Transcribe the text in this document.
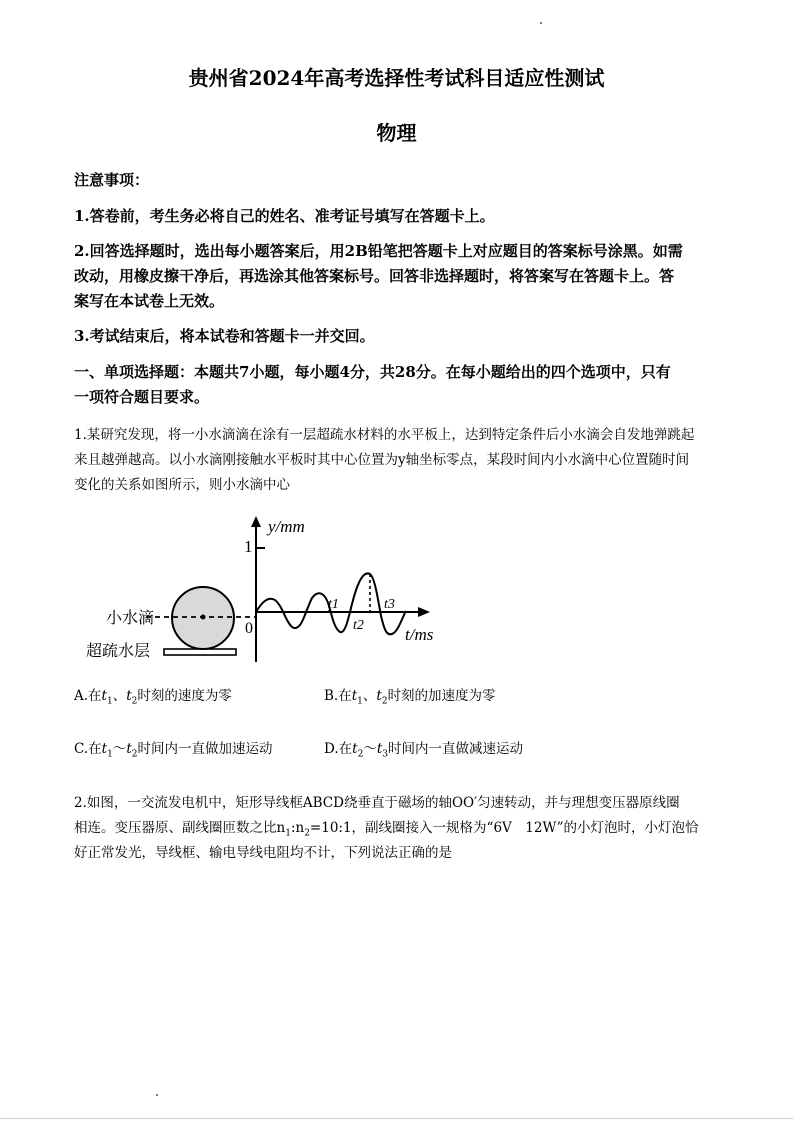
贵州省2024年高考选择性考试科目适应性测试
物理
注意事项：
1.答卷前，考生务必将自己的姓名、准考证号填写在答题卡上。
2.回答选择题时，选出每小题答案后，用2B铅笔把答题卡上对应题目的答案标号涂黑。如需
改动，用橡皮擦干净后，再选涂其他答案标号。回答非选择题时，将答案写在答题卡上。答
案写在本试卷上无效。
3.考试结束后，将本试卷和答题卡一并交回。
一、单项选择题：本题共7小题，每小题4分，共28分。在每小题给出的四个选项中，只有
一项符合题目要求。
1.某研究发现，将一小水滴滴在涂有一层超疏水材料的水平板上，达到特定条件后小水滴会自发地弹跳起
来且越弹越高。以小水滴刚接触水平板时其中心位置为y轴坐标零点，某段时间内小水滴中心位置随时间
变化的关系如图所示，则小水滴中心
y/mm
1
0	t/ms
t1
t2
t3
小水滴
超疏水层
A.在$t_1$、$t_2$时刻的速度为零	B.在$t_1$、$t_2$时刻的加速度为零
C.在$t_1\sim t_2$时间内一直做加速运动	D.在$t_2\sim t_3$时间内一直做减速运动
2.如图，一交流发电机中，矩形导线框ABCD绕垂直于磁场的轴OO′匀速转动，并与理想变压器原线圈
相连。变压器原、副线圈匝数之比$n_1:n_2=10:1$，副线圈接入一规格为“6V　12W”的小灯泡时，小灯泡恰
好正常发光，导线框、输电导线电阻均不计，下列说法正确的是
